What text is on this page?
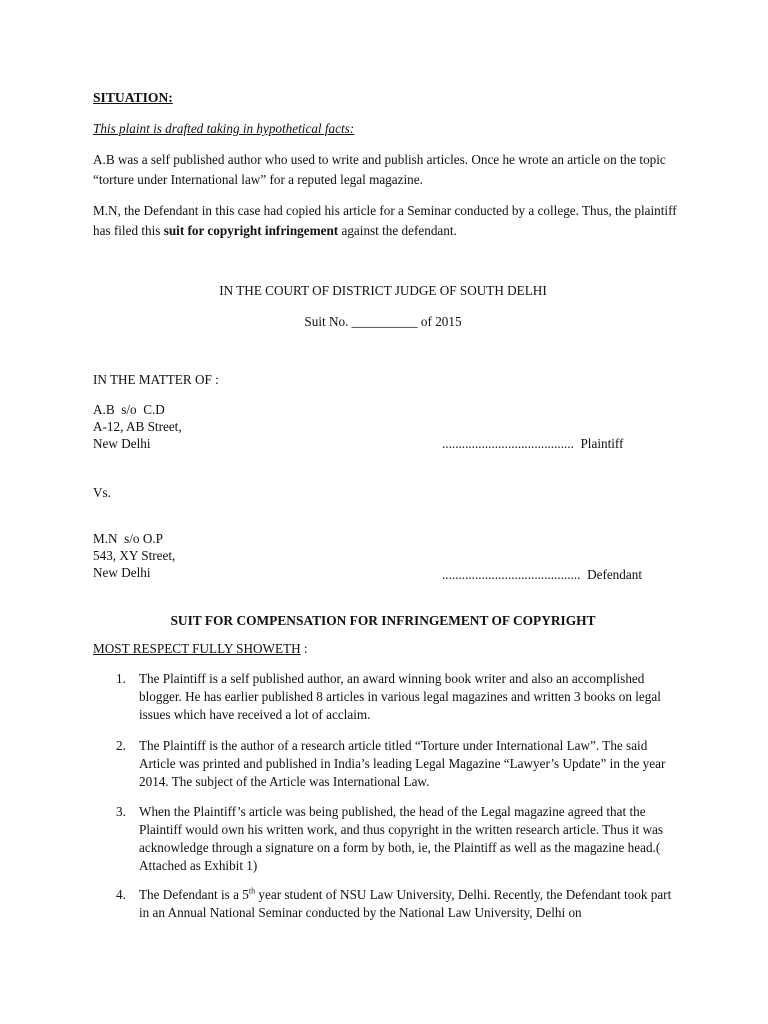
SITUATION:
This plaint is drafted taking in hypothetical facts:
A.B was a self published author who used to write and publish articles. Once he wrote an article on the topic “torture under International law” for a reputed legal magazine.
M.N, the Defendant in this case had copied his article for a Seminar conducted by a college. Thus, the plaintiff has filed this suit for copyright infringement against the defendant.
IN THE COURT OF DISTRICT JUDGE OF SOUTH DELHI
Suit No. __________ of 2015
IN THE MATTER OF :
A.B  s/o  C.D
A-12, AB Street,
New Delhi	........................................  Plaintiff
Vs.
M.N  s/o O.P
543, XY Street,
New Delhi	..........................................  Defendant
SUIT FOR COMPENSATION FOR INFRINGEMENT OF COPYRIGHT
MOST RESPECT FULLY SHOWETH :
1. The Plaintiff is a self published author, an award winning book writer and also an accomplished blogger. He has earlier published 8 articles in various legal magazines and written 3 books on legal issues which have received a lot of acclaim.
2. The Plaintiff is the author of a research article titled “Torture under International Law”. The said Article was printed and published in India’s leading Legal Magazine “Lawyer’s Update” in the year 2014. The subject of the Article was International Law.
3. When the Plaintiff’s article was being published, the head of the Legal magazine agreed that the Plaintiff would own his written work, and thus copyright in the written research article. Thus it was acknowledge through a signature on a form by both, ie, the Plaintiff as well as the magazine head.( Attached as Exhibit 1)
4. The Defendant is a 5th year student of NSU Law University, Delhi. Recently, the Defendant took part in an Annual National Seminar conducted by the National Law University, Delhi on
